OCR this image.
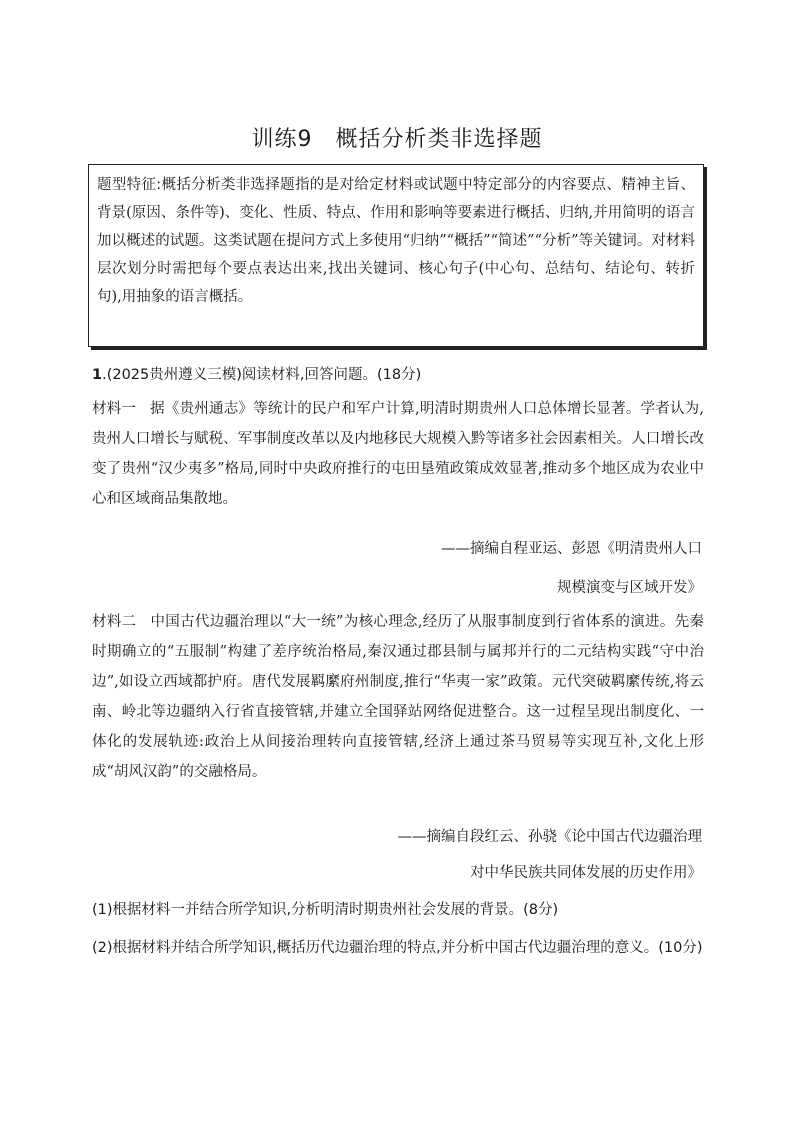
训练9　概括分析类非选择题
题型特征:概括分析类非选择题指的是对给定材料或试题中特定部分的内容要点、精神主旨、背景(原因、条件等)、变化、性质、特点、作用和影响等要素进行概括、归纳,并用简明的语言加以概述的试题。这类试题在提问方式上多使用“归纳”“概括”“简述”“分析”等关键词。对材料层次划分时需把每个要点表达出来,找出关键词、核心句子(中心句、总结句、结论句、转折句),用抽象的语言概括。
1.(2025贵州遵义三模)阅读材料,回答问题。(18分)
材料一 据《贵州通志》等统计的民户和军户计算,明清时期贵州人口总体增长显著。学者认为,贵州人口增长与赋税、军事制度改革以及内地移民大规模入黔等诸多社会因素相关。人口增长改变了贵州“汉少夷多”格局,同时中央政府推行的屯田垦殖政策成效显著,推动多个地区成为农业中心和区域商品集散地。
——摘编自程亚运、彭恩《明清贵州人口
规模演变与区域开发》
材料二 中国古代边疆治理以“大一统”为核心理念,经历了从服事制度到行省体系的演进。先秦时期确立的“五服制”构建了差序统治格局,秦汉通过郡县制与属邦并行的二元结构实践“守中治边”,如设立西域都护府。唐代发展羁縻府州制度,推行“华夷一家”政策。元代突破羁縻传统,将云南、岭北等边疆纳入行省直接管辖,并建立全国驿站网络促进整合。这一过程呈现出制度化、一体化的发展轨迹:政治上从间接治理转向直接管辖,经济上通过茶马贸易等实现互补,文化上形成“胡风汉韵”的交融格局。
——摘编自段红云、孙骁《论中国古代边疆治理
对中华民族共同体发展的历史作用》
(1)根据材料一并结合所学知识,分析明清时期贵州社会发展的背景。(8分)
(2)根据材料并结合所学知识,概括历代边疆治理的特点,并分析中国古代边疆治理的意义。(10分)
